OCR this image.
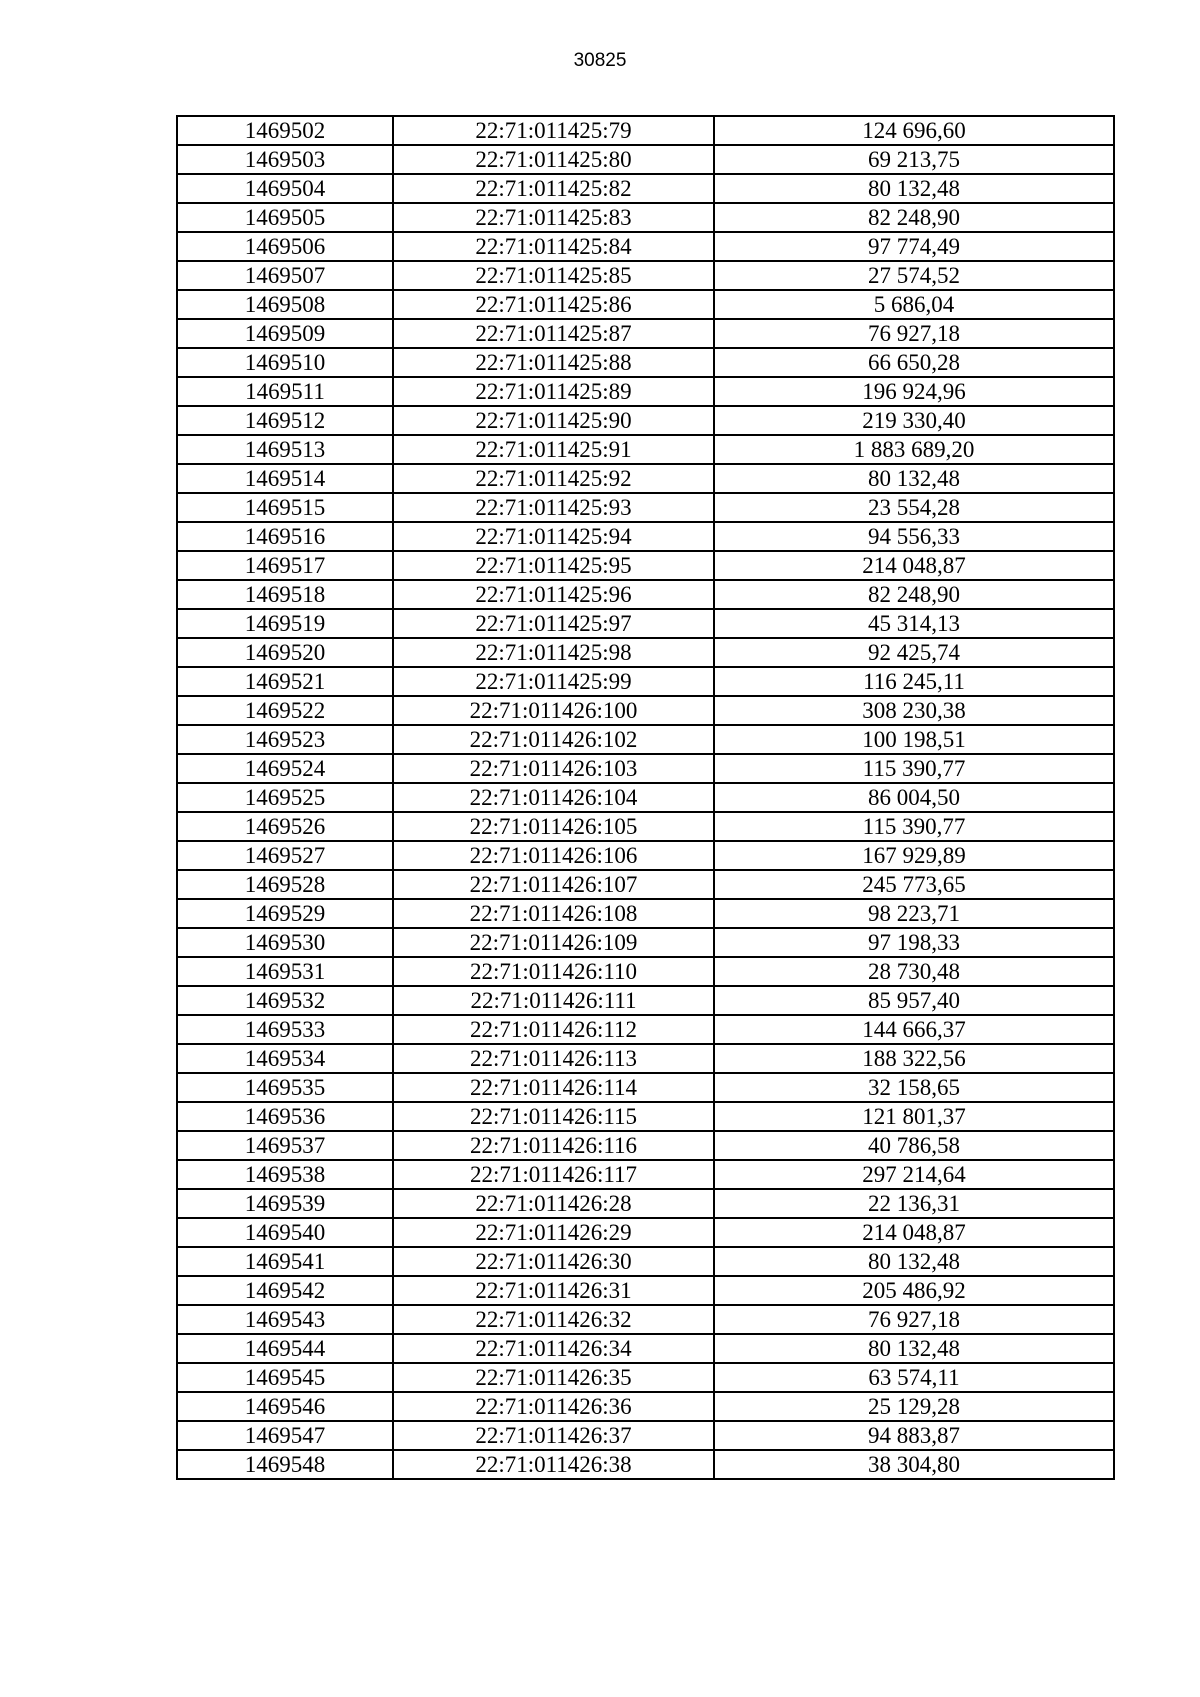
30825
1469502	22:71:011425:79	124 696,60
1469503	22:71:011425:80	69 213,75
1469504	22:71:011425:82	80 132,48
1469505	22:71:011425:83	82 248,90
1469506	22:71:011425:84	97 774,49
1469507	22:71:011425:85	27 574,52
1469508	22:71:011425:86	5 686,04
1469509	22:71:011425:87	76 927,18
1469510	22:71:011425:88	66 650,28
1469511	22:71:011425:89	196 924,96
1469512	22:71:011425:90	219 330,40
1469513	22:71:011425:91	1 883 689,20
1469514	22:71:011425:92	80 132,48
1469515	22:71:011425:93	23 554,28
1469516	22:71:011425:94	94 556,33
1469517	22:71:011425:95	214 048,87
1469518	22:71:011425:96	82 248,90
1469519	22:71:011425:97	45 314,13
1469520	22:71:011425:98	92 425,74
1469521	22:71:011425:99	116 245,11
1469522	22:71:011426:100	308 230,38
1469523	22:71:011426:102	100 198,51
1469524	22:71:011426:103	115 390,77
1469525	22:71:011426:104	86 004,50
1469526	22:71:011426:105	115 390,77
1469527	22:71:011426:106	167 929,89
1469528	22:71:011426:107	245 773,65
1469529	22:71:011426:108	98 223,71
1469530	22:71:011426:109	97 198,33
1469531	22:71:011426:110	28 730,48
1469532	22:71:011426:111	85 957,40
1469533	22:71:011426:112	144 666,37
1469534	22:71:011426:113	188 322,56
1469535	22:71:011426:114	32 158,65
1469536	22:71:011426:115	121 801,37
1469537	22:71:011426:116	40 786,58
1469538	22:71:011426:117	297 214,64
1469539	22:71:011426:28	22 136,31
1469540	22:71:011426:29	214 048,87
1469541	22:71:011426:30	80 132,48
1469542	22:71:011426:31	205 486,92
1469543	22:71:011426:32	76 927,18
1469544	22:71:011426:34	80 132,48
1469545	22:71:011426:35	63 574,11
1469546	22:71:011426:36	25 129,28
1469547	22:71:011426:37	94 883,87
1469548	22:71:011426:38	38 304,80
